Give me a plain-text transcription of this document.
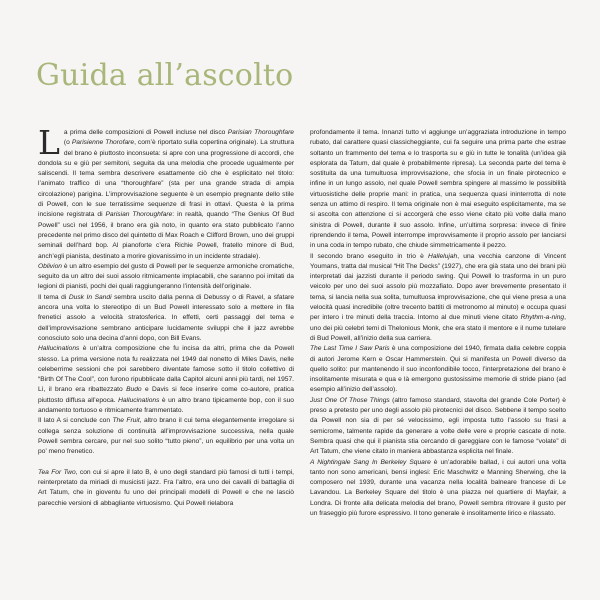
Guida all’ascolto

La prima delle composizioni di Powell incluse nel disco Parisian Thoroughfare (o Parisienne Thorofare, com’è riportato sulla copertina originale). La struttura del brano è piuttosto inconsueta: si apre con una progressione di accordi, che dondola su e giù per semitoni, seguita da una melodia che procede ugualmente per saliscendi. Il tema sembra descrivere esattamente ciò che è esplicitato nel titolo: l’animato traffico di una “thoroughfare” (sta per una grande strada di ampia circolazione) parigina. L’improvvisazione seguente è un esempio pregnante dello stile di Powell, con le sue terratissime sequenze di frasi in ottavi. Questa è la prima incisione registrata di Parisian Thoroughfare: in realtà, quando “The Genius Of Bud Powell” uscì nel 1956, il brano era già noto, in quanto era stato pubblicato l’anno precedente nel primo disco del quintetto di Max Roach e Clifford Brown, uno dei gruppi seminali dell’hard bop. Al pianoforte c’era Richie Powell, fratello minore di Bud, anch’egli pianista, destinato a morire giovanissimo in un incidente stradale).

Oblivion è un altro esempio del gusto di Powell per le sequenze armoniche cromatiche, seguito da un altro dei suoi assolo ritmicamente implacabili, che saranno poi imitati da legioni di pianisti, pochi dei quali raggiungeranno l’intensità dell’originale.

Il tema di Dusk In Sandi sembra uscito dalla penna di Debussy o di Ravel, a sfatare ancora una volta lo stereotipo di un Bud Powell interessato solo a mettere in fila frenetici assolo a velocità stratosferica. In effetti, certi passaggi del tema e dell’improvvisazione sembrano anticipare lucidamente sviluppi che il jazz avrebbe conosciuto solo una decina d’anni dopo, con Bill Evans.

Hallucinations è un’altra composizione che fu incisa da altri, prima che da Powell stesso. La prima versione nota fu realizzata nel 1949 dal nonetto di Miles Davis, nelle celeberrime sessioni che poi sarebbero diventate famose sotto il titolo collettivo di “Birth Of The Cool”, con furono ripubblicate dalla Capitol alcuni anni più tardi, nel 1957. Lì, il brano era ribattezzato Budo e Davis si fece inserire come co-autore, pratica piuttosto diffusa all’epoca. Hallucinations è un altro brano tipicamente bop, con il suo andamento tortuoso e ritmicamente frammentato.

Il lato A si conclude con The Fruit, altro brano il cui tema elegantemente irregolare si collega senza soluzione di continuità all’improvvisazione successiva, nella quale Powell sembra cercare, pur nel suo solito “tutto pieno”, un equilibrio per una volta un po’ meno frenetico.

Tea For Two, con cui si apre il lato B, è uno degli standard più famosi di tutti i tempi, reinterpretato da miriadi di musicisti jazz. Fra l’altro, era uno dei cavalli di battaglia di Art Tatum, che in gioventu fu uno dei principali modelli di Powell e che ne lasciò parecchie versioni di abbagliante virtuosismo. Qui Powell rielabora

profondamente il tema. Innanzi tutto vi aggiunge un’aggraziata introduzione in tempo rubato, dal carattere quasi classicheggiante, cui fa seguire una prima parte che estrae soltanto un frammento del tema e lo trasporta su e giù in tutte le tonalità (un’idea già esplorata da Tatum, dal quale è probabilmente ripresa). La seconda parte del tema è sostituita da una tumultuosa improvvisazione, che sfocia in un finale pirotecnico e infine in un lungo assolo, nel quale Powell sembra spingere al massimo le possibilità virtuosistiche delle proprie mani: in pratica, una sequenza quasi ininterrotta di note senza un attimo di respiro. Il tema originale non è mai eseguito esplicitamente, ma se si ascolta con attenzione ci si accorgerà che esso viene citato più volte dalla mano sinistra di Powell, durante il suo assolo. Infine, un’ultima sorpresa: invece di finire riprendendo il tema, Powell interrompe improvvisamente il proprio assolo per lanciarsi in una coda in tempo rubato, che chiude simmetricamente il pezzo.

Il secondo brano eseguito in trio è Hallelujah, una vecchia canzone di Vincent Youmans, tratta dal musical “Hit The Decks” (1927), che era già stata uno dei brani più interpretati dai jazzisti durante il periodo swing. Qui Powell lo trasforma in un puro veicolo per uno dei suoi assolo più mozzafiato. Dopo aver brevemente presentato il tema, si lancia nella sua solita, tumultuosa improvvisazione, che qui viene presa a una velocità quasi incredibile (oltre trecento battiti di metronomo al minuto) e occupa quasi per intero i tre minuti della traccia. Intorno al due minuti viene citato Rhythm-a-ning, uno dei più celebri temi di Thelonious Monk, che era stato il mentore e il nume tutelare di Bud Powell, all’inizio della sua carriera.

The Last Time I Saw Paris è una composizione del 1940, firmata dalla celebre coppia di autori Jerome Kern e Oscar Hammerstein. Qui si manifesta un Powell diverso da quello solito: pur mantenendo il suo inconfondibile tocco, l’interpretazione del brano è insolitamente misurata e qua e là emergono gustosissime memorie di stride piano (ad esempio all’inizio dell’assolo).

Just One Of Those Things (altro famoso standard, stavolta del grande Cole Porter) è preso a pretesto per uno degli assolo più pirotecnici del disco. Sebbene il tempo scelto da Powell non sia di per sé velocissimo, egli imposta tutto l’assolo su frasi a semicrome, talmente rapide da generare a volte delle vere e proprie cascate di note. Sembra quasi che qui il pianista stia cercando di gareggiare con le famose “volate” di Art Tatum, che viene citato in maniera abbastanza esplicita nel finale.

A Nightingale Sang In Berkeley Square è un’adorabile ballad, i cui autori una volta tanto non sono americani, bensi inglesi: Eric Maschwitz e Manning Sherwing, che la composero nel 1939, durante una vacanza nella località balneare francese di Le Lavandou. La Berkeley Square del titolo è una piazza nel quartiere di Mayfair, a Londra. Di fronte alla delicata melodia del brano, Powell sembra ritrovare il gusto per un fraseggio più furore espressivo. Il tono generale è insolitamente lirico e rilassato.
